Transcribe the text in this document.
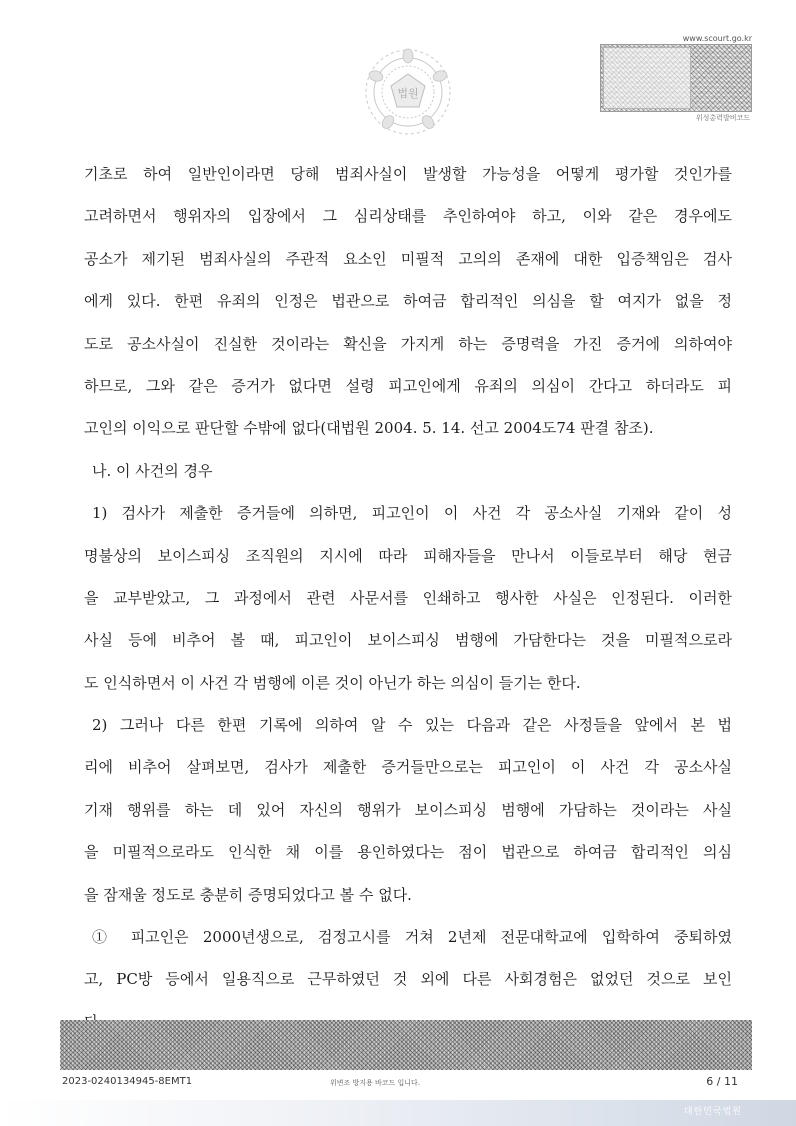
법원
www.scourt.go.kr
위성총력발비코드
기초로 하여 일반인이라면 당해 범죄사실이 발생할 가능성을 어떻게 평가할 것인가를
고려하면서 행위자의 입장에서 그 심리상태를 추인하여야 하고, 이와 같은 경우에도
공소가 제기된 범죄사실의 주관적 요소인 미필적 고의의 존재에 대한 입증책임은 검사
에게 있다. 한편 유죄의 인정은 법관으로 하여금 합리적인 의심을 할 여지가 없을 정
도로 공소사실이 진실한 것이라는 확신을 가지게 하는 증명력을 가진 증거에 의하여야
하므로, 그와 같은 증거가 없다면 설령 피고인에게 유죄의 의심이 간다고 하더라도 피
고인의 이익으로 판단할 수밖에 없다(대법원 2004. 5. 14. 선고 2004도74 판결 참조).
나. 이 사건의 경우
1) 검사가 제출한 증거들에 의하면, 피고인이 이 사건 각 공소사실 기재와 같이 성
명불상의 보이스피싱 조직원의 지시에 따라 피해자들을 만나서 이들로부터 해당 현금
을 교부받았고, 그 과정에서 관련 사문서를 인쇄하고 행사한 사실은 인정된다. 이러한
사실 등에 비추어 볼 때, 피고인이 보이스피싱 범행에 가담한다는 것을 미필적으로라
도 인식하면서 이 사건 각 범행에 이른 것이 아닌가 하는 의심이 들기는 한다.
2) 그러나 다른 한편 기록에 의하여 알 수 있는 다음과 같은 사정들을 앞에서 본 법
리에 비추어 살펴보면, 검사가 제출한 증거들만으로는 피고인이 이 사건 각 공소사실
기재 행위를 하는 데 있어 자신의 행위가 보이스피싱 범행에 가담하는 것이라는 사실
을 미필적으로라도 인식한 채 이를 용인하였다는 점이 법관으로 하여금 합리적인 의심
을 잠재울 정도로 충분히 증명되었다고 볼 수 없다.
① 피고인은 2000년생으로, 검정고시를 거쳐 2년제 전문대학교에 입학하여 중퇴하였
고, PC방 등에서 일용직으로 근무하였던 것 외에 다른 사회경험은 없었던 것으로 보인
2023-0240134945-8EMT1	위변조 방지용 바코드 입니다.	6 / 11
대한민국법원
